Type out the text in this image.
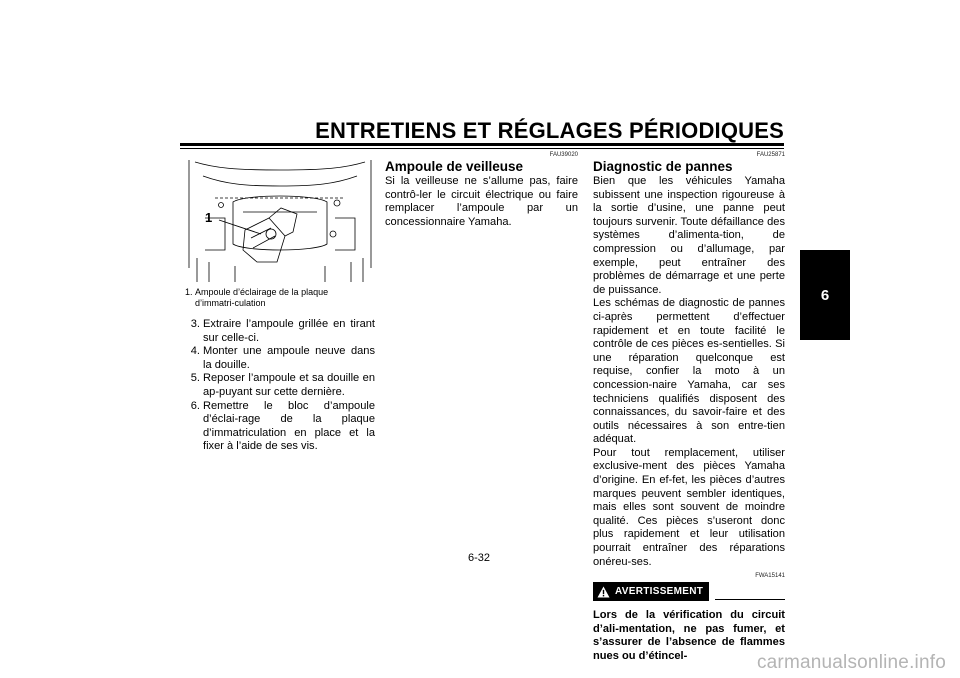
ENTRETIENS ET RÉGLAGES PÉRIODIQUES
6
1
1. Ampoule d’éclairage de la plaque d’immatri-culation
3. Extraire l’ampoule grillée en tirant sur celle-ci.
4. Monter une ampoule neuve dans la douille.
5. Reposer l’ampoule et sa douille en ap-puyant sur cette dernière.
6. Remettre le bloc d’ampoule d’éclai-rage de la plaque d’immatriculation en place et la fixer à l’aide de ses vis.
FAU39020
Ampoule de veilleuse

Si la veilleuse ne s’allume pas, faire contrô-ler le circuit électrique ou faire remplacer l’ampoule par un concessionnaire Yamaha.

FAU25871
Diagnostic de pannes

Bien que les véhicules Yamaha subissent une inspection rigoureuse à la sortie d’usine, une panne peut toujours survenir. Toute défaillance des systèmes d’alimenta-tion, de compression ou d’allumage, par exemple, peut entraîner des problèmes de démarrage et une perte de puissance.

Les schémas de diagnostic de pannes ci-après permettent d’effectuer rapidement et en toute facilité le contrôle de ces pièces es-sentielles. Si une réparation quelconque est requise, confier la moto à un concession-naire Yamaha, car ses techniciens qualifiés disposent des connaissances, du savoir-faire et des outils nécessaires à son entre-tien adéquat.

Pour tout remplacement, utiliser exclusive-ment des pièces Yamaha d’origine. En ef-fet, les pièces d’autres marques peuvent sembler identiques, mais elles sont souvent de moindre qualité. Ces pièces s’useront donc plus rapidement et leur utilisation pourrait entraîner des réparations onéreu-ses.

FWA15141
AVERTISSEMENT
Lors de la vérification du circuit d’ali-mentation, ne pas fumer, et s’assurer de l’absence de flammes nues ou d’étincel-
6-32
carmanualsonline.info
